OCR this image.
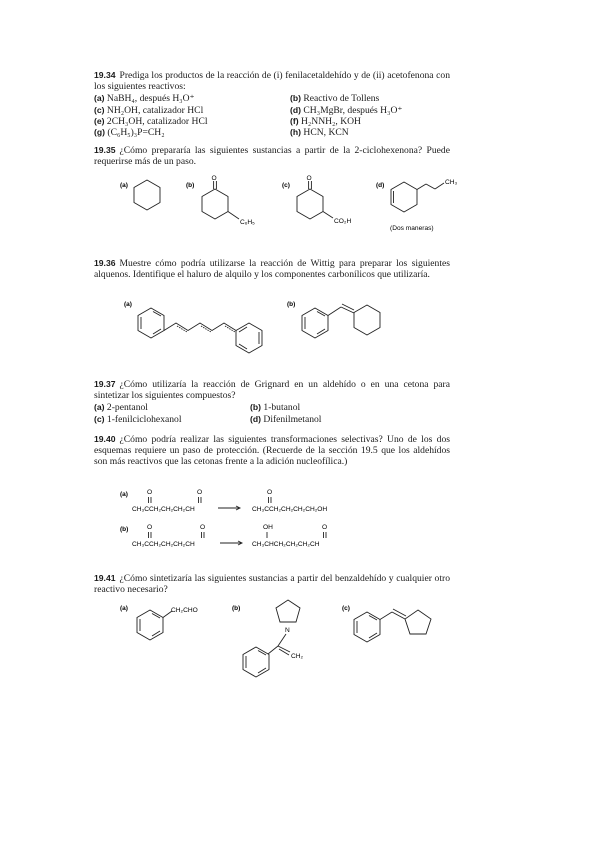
(a)	(b)
O
C₆H₅
(c)
O
CO₂H
(d)	CH₃
(Dos maneras)
(a)	(b)
(a)	O	O
CH₃CCH₂CH₂CH₂CH
O
CH₃CCH₂CH₂CH₂CH₂OH
(b)	O	O
CH₃CCH₂CH₂CH₂CH
OH	O
CH₃CHCH₂CH₂CH₂CH
(a)	CH₂CHO	(b)
N
CH₂
(c)
19.34 Prediga los productos de la reacción de (i) fenilacetaldehído y de (ii) acetofenona con los siguientes reactivos:
(a) NaBH₄, después H₃O⁺	(b) Reactivo de Tollens
(c) NH₂OH, catalizador HCl	(d) CH₃MgBr, después H₃O⁺
(e) 2CH₃OH, catalizador HCl	(f) H₂NNH₂, KOH
(g) (C₆H₅)₃P=CH₂	(h) HCN, KCN
19.35 ¿Cómo prepararía las siguientes sustancias a partir de la 2-ciclohexenona? Puede requerirse más de un paso.
19.36 Muestre cómo podría utilizarse la reacción de Wittig para preparar los siguientes alquenos. Identifique el haluro de alquilo y los componentes carbonílicos que utilizaría.
19.37 ¿Cómo utilizaría la reacción de Grignard en un aldehído o en una cetona para sintetizar los siguientes compuestos?
(a) 2-pentanol	(b) 1-butanol
(c) 1-fenilciclohexanol	(d) Difenilmetanol
19.40 ¿Cómo podría realizar las siguientes transformaciones selectivas? Uno de los dos esquemas requiere un paso de protección. (Recuerde de la sección 19.5 que los aldehídos son más reactivos que las cetonas frente a la adición nucleofílica.)
19.41 ¿Cómo sintetizaría las siguientes sustancias a partir del benzaldehído y cualquier otro reactivo necesario?
